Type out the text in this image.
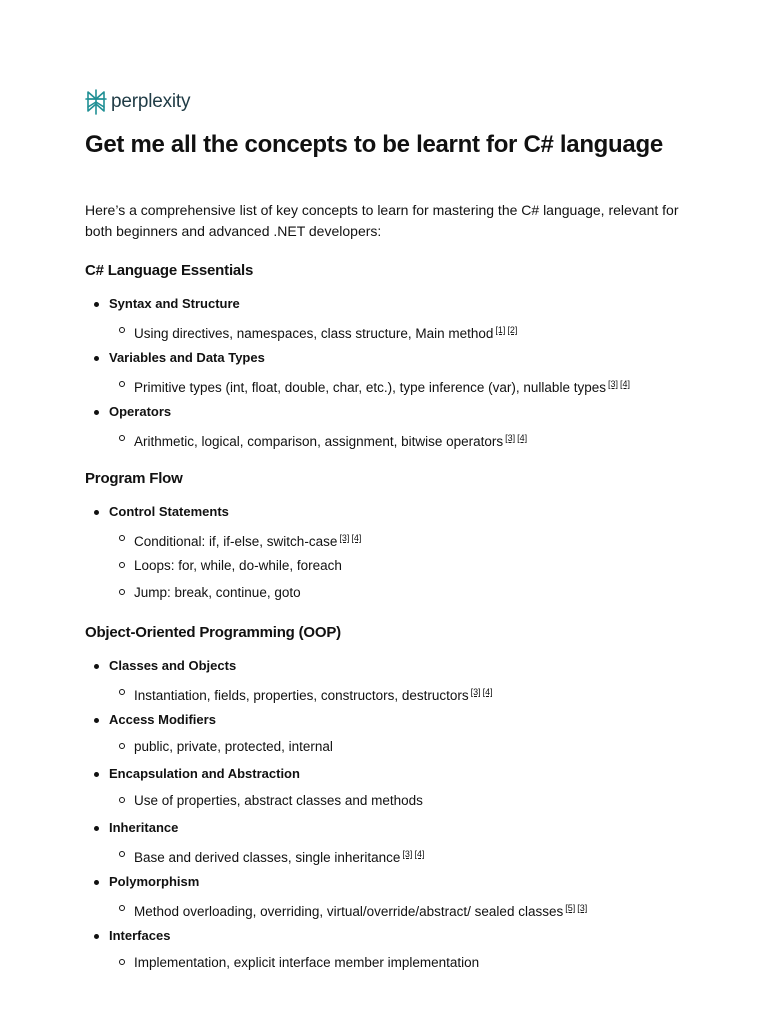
perplexity
Get me all the concepts to be learnt for C# language

Here’s a comprehensive list of key concepts to learn for mastering the C# language, relevant for both beginners and advanced .NET developers:

C# Language Essentials
Syntax and Structure
Using directives, namespaces, class structure, Main method [1] [2]
Variables and Data Types
Primitive types (int, float, double, char, etc.), type inference (var), nullable types [3] [4]
Operators
Arithmetic, logical, comparison, assignment, bitwise operators [3] [4]
Program Flow
Control Statements
Conditional: if, if-else, switch-case [3] [4]
Loops: for, while, do-while, foreach
Jump: break, continue, goto
Object-Oriented Programming (OOP)
Classes and Objects
Instantiation, fields, properties, constructors, destructors [3] [4]
Access Modifiers
public, private, protected, internal
Encapsulation and Abstraction
Use of properties, abstract classes and methods
Inheritance
Base and derived classes, single inheritance [3] [4]
Polymorphism
Method overloading, overriding, virtual/override/abstract/ sealed classes [5] [3]
Interfaces
Implementation, explicit interface member implementation
